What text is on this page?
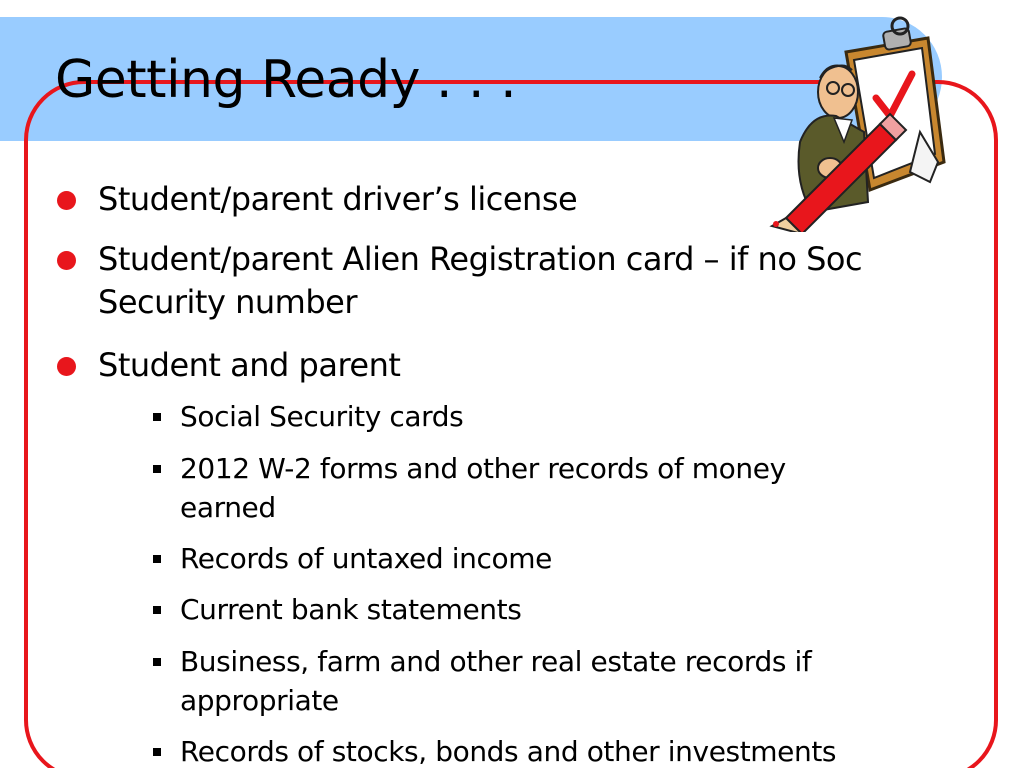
Getting Ready . . .
Student/parent driver’s license
Student/parent Alien Registration card – if no Soc
Security number
Student and parent
Social Security cards
2012 W-2 forms and other records of money
earned
Records of untaxed income
Current bank statements
Business, farm and other real estate records if
appropriate
Records of stocks, bonds and other investments
